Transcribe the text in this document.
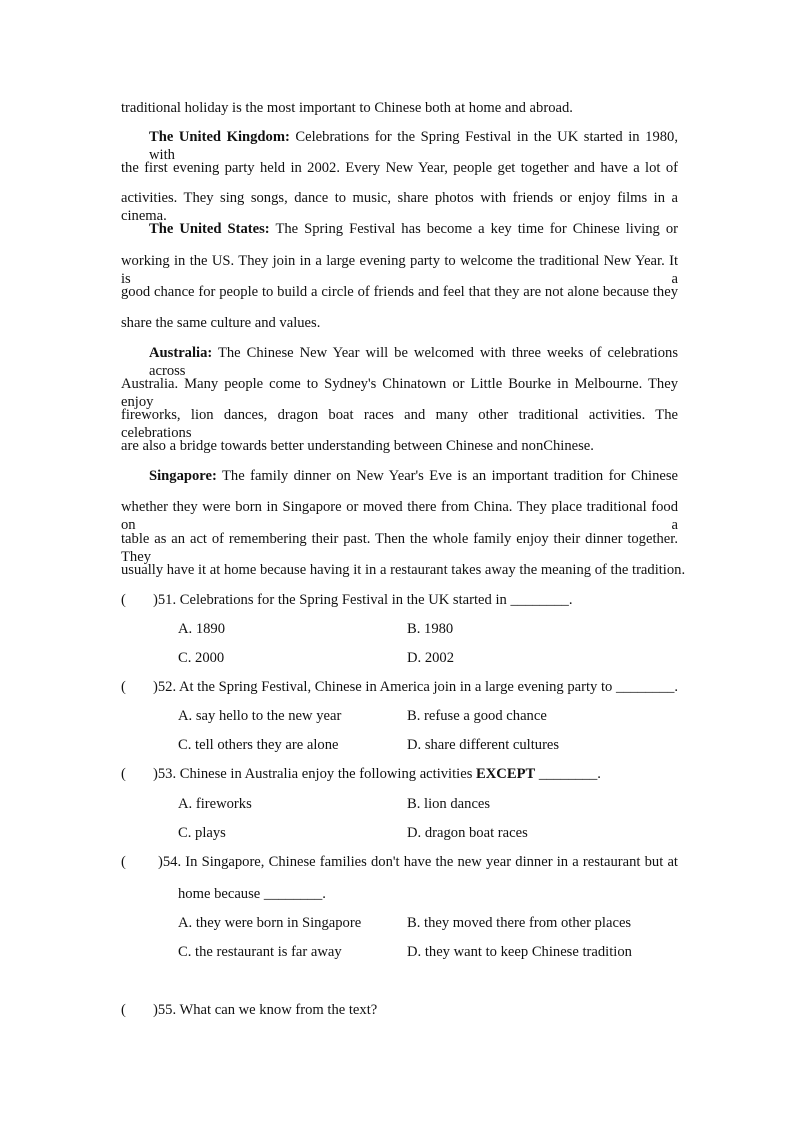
traditional holiday is the most important to Chinese both at home and abroad.

The United Kingdom: Celebrations for the Spring Festival in the UK started in 1980, with

the first evening party held in 2002. Every New Year, people get together and have a lot of

activities. They sing songs, dance to music, share photos with friends or enjoy films in a cinema.

The United States: The Spring Festival has become a key time for Chinese living or

working in the US. They join in a large evening party to welcome the traditional New Year. It is a

good chance for people to build a circle of friends and feel that they are not alone because they

share the same culture and values.

Australia: The Chinese New Year will be welcomed with three weeks of celebrations across

Australia. Many people come to Sydney's Chinatown or Little Bourke in Melbourne. They enjoy

fireworks, lion dances, dragon boat races and many other traditional activities. The celebrations

are also a bridge towards better understanding between Chinese and nonChinese.

Singapore: The family dinner on New Year's Eve is an important tradition for Chinese

whether they were born in Singapore or moved there from China. They place traditional food on a

table as an act of remembering their past. Then the whole family enjoy their dinner together. They

usually have it at home because having it in a restaurant takes away the meaning of the tradition.

( )51. Celebrations for the Spring Festival in the UK started in ________.
A. 1890	B. 1980
C. 2000	D. 2002
( )52. At the Spring Festival, Chinese in America join in a large evening party to ________.
A. say hello to the new year	B. refuse a good chance
C. tell others they are alone	D. share different cultures
( )53. Chinese in Australia enjoy the following activities EXCEPT ________.
A. fireworks	B. lion dances
C. plays	D. dragon boat races
( )54. In Singapore, Chinese families don't have the new year dinner in a restaurant but at
home because ________.
A. they were born in Singapore	B. they moved there from other places
C. the restaurant is far away	D. they want to keep Chinese tradition
( )55. What can we know from the text?
